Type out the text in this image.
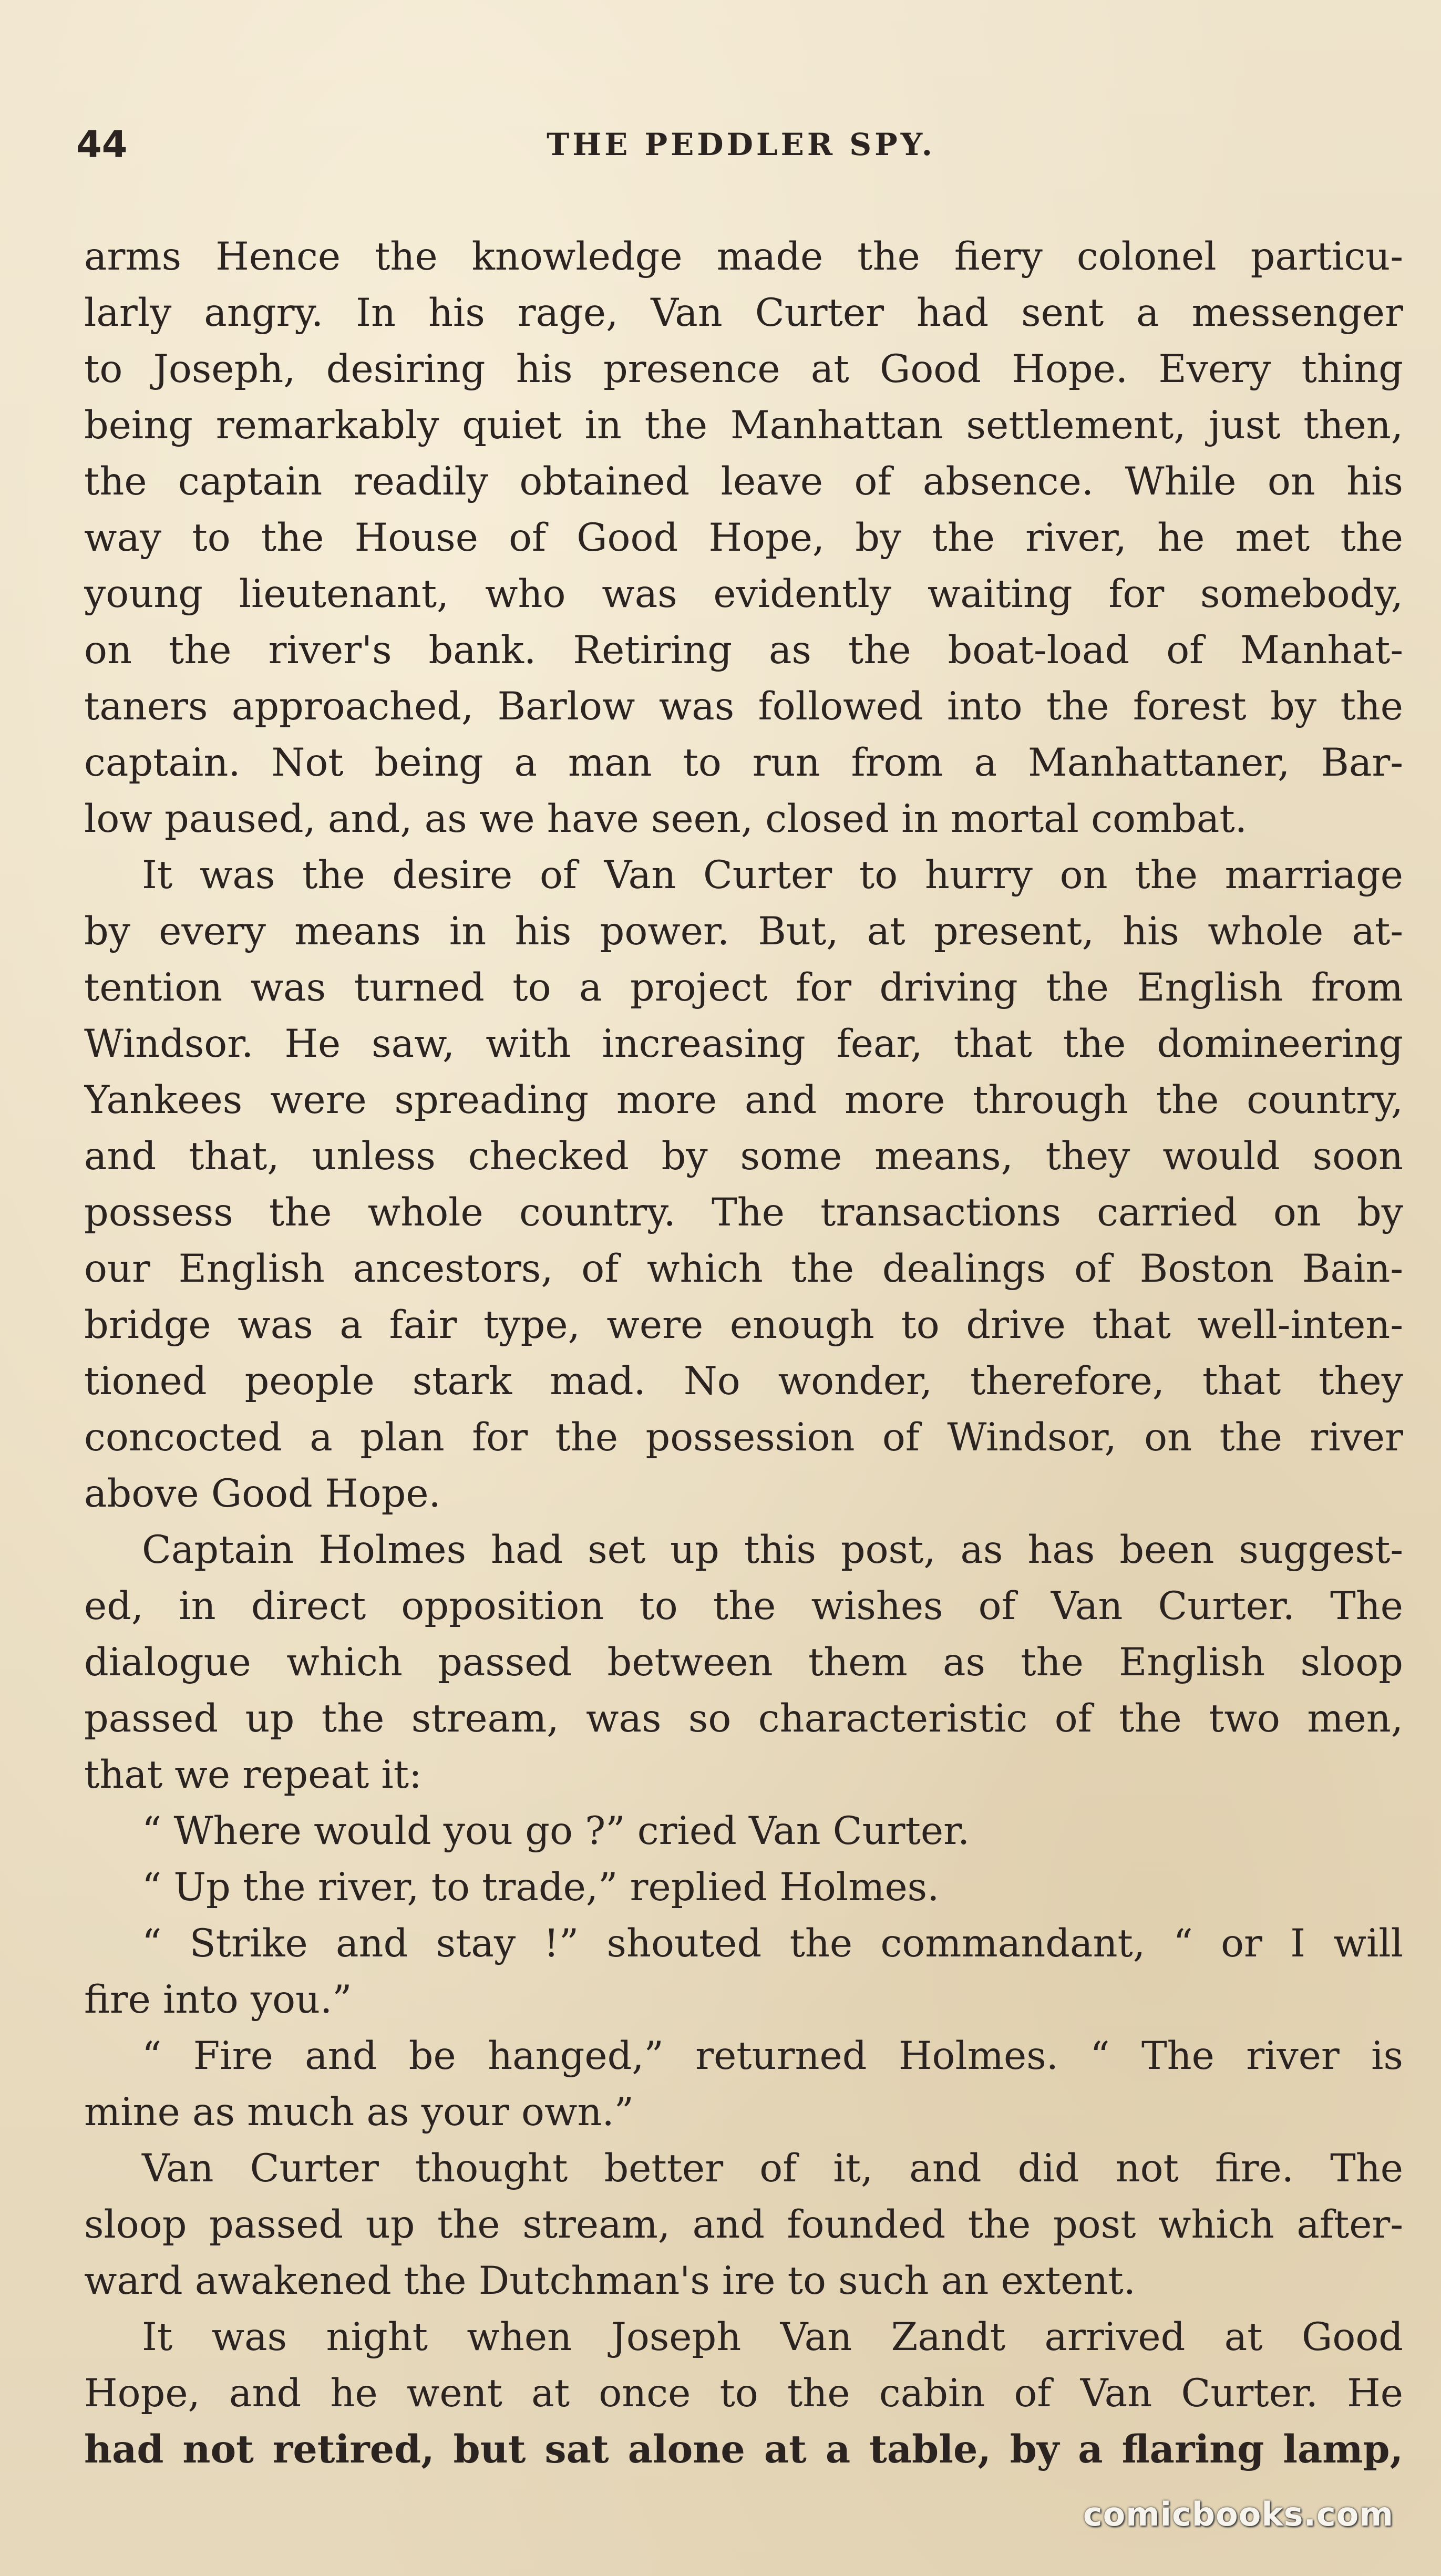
44	THE PEDDLER SPY.
arms Hence the knowledge made the fiery colonel particu-
larly angry. In his rage, Van Curter had sent a messenger
to Joseph, desiring his presence at Good Hope. Every thing
being remarkably quiet in the Manhattan settlement, just then,
the captain readily obtained leave of absence. While on his
way to the House of Good Hope, by the river, he met the
young lieutenant, who was evidently waiting for somebody,
on the river's bank. Retiring as the boat-load of Manhat-
taners approached, Barlow was followed into the forest by the
captain. Not being a man to run from a Manhattaner, Bar-
low paused, and, as we have seen, closed in mortal combat.
It was the desire of Van Curter to hurry on the marriage
by every means in his power. But, at present, his whole at-
tention was turned to a project for driving the English from
Windsor. He saw, with increasing fear, that the domineering
Yankees were spreading more and more through the country,
and that, unless checked by some means, they would soon
possess the whole country. The transactions carried on by
our English ancestors, of which the dealings of Boston Bain-
bridge was a fair type, were enough to drive that well-inten-
tioned people stark mad. No wonder, therefore, that they
concocted a plan for the possession of Windsor, on the river
above Good Hope.
Captain Holmes had set up this post, as has been suggest-
ed, in direct opposition to the wishes of Van Curter. The
dialogue which passed between them as the English sloop
passed up the stream, was so characteristic of the two men,
that we repeat it:
“ Where would you go ?” cried Van Curter.
“ Up the river, to trade,” replied Holmes.
“ Strike and stay !” shouted the commandant, “ or I will
fire into you.”
“ Fire and be hanged,” returned Holmes. “ The river is
mine as much as your own.”
Van Curter thought better of it, and did not fire. The
sloop passed up the stream, and founded the post which after-
ward awakened the Dutchman's ire to such an extent.
It was night when Joseph Van Zandt arrived at Good
Hope, and he went at once to the cabin of Van Curter. He
had not retired, but sat alone at a table, by a flaring lamp,
comicbooks.com
